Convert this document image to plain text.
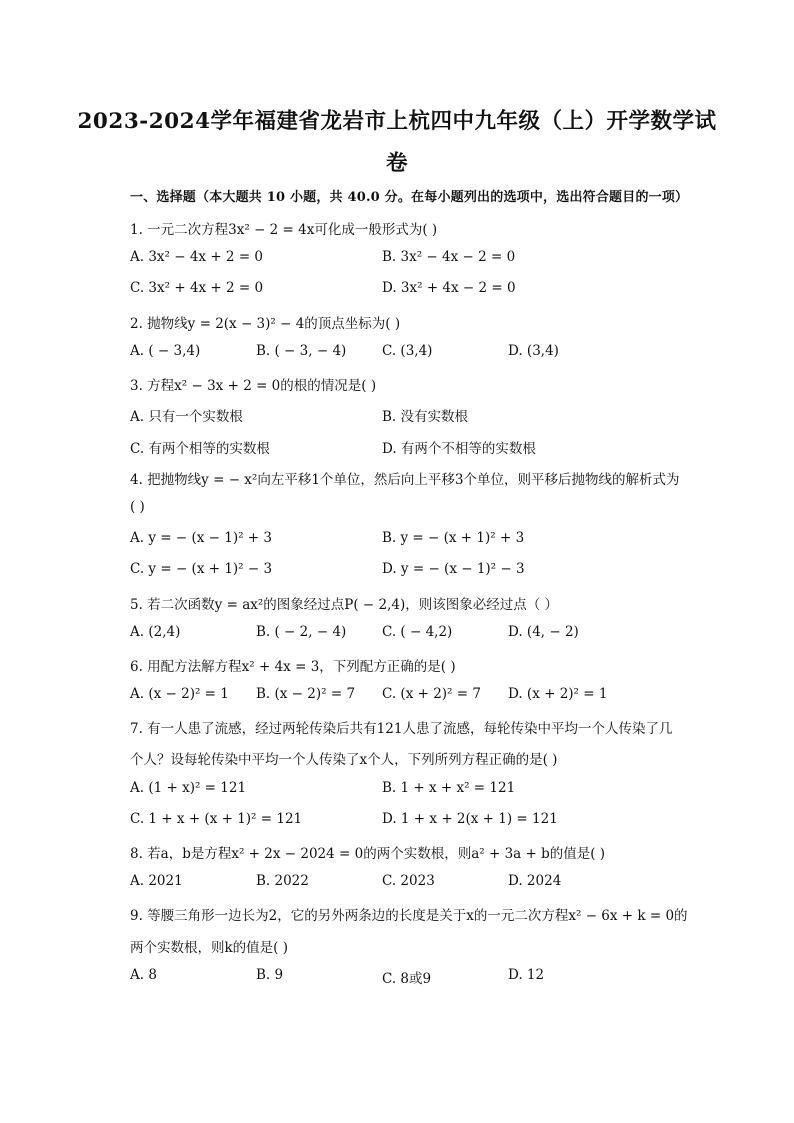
2023-2024学年福建省龙岩市上杭四中九年级（上）开学数学试
卷
一、选择题（本大题共 10 小题，共 40.0 分。在每小题列出的选项中，选出符合题目的一项）
1. 一元二次方程3x² − 2 = 4x可化成一般形式为( )
A. 3x² − 4x + 2 = 0	B. 3x² − 4x − 2 = 0
C. 3x² + 4x + 2 = 0	D. 3x² + 4x − 2 = 0
2. 抛物线y = 2(x − 3)² − 4的顶点坐标为( )
A. ( − 3,4)	B. ( − 3, − 4)	C. (3,4)	D. (3,4)
3. 方程x² − 3x + 2 = 0的根的情况是( )
A. 只有一个实数根	B. 没有实数根
C. 有两个相等的实数根	D. 有两个不相等的实数根
4. 把抛物线y = − x²向左平移1个单位，然后向上平移3个单位，则平移后抛物线的解析式为
( )
A. y = − (x − 1)² + 3	B. y = − (x + 1)² + 3
C. y = − (x + 1)² − 3	D. y = − (x − 1)² − 3
5. 若二次函数y = ax²的图象经过点P( − 2,4)，则该图象必经过点（ ）
A. (2,4)	B. ( − 2, − 4)	C. ( − 4,2)	D. (4, − 2)
6. 用配方法解方程x² + 4x = 3，下列配方正确的是( )
A. (x − 2)² = 1 B. (x − 2)² = 7 C. (x + 2)² = 7 D. (x + 2)² = 1
7. 有一人患了流感，经过两轮传染后共有121人患了流感，每轮传染中平均一个人传染了几
个人？设每轮传染中平均一个人传染了x个人，下列所列方程正确的是( )
A. (1 + x)² = 121	B. 1 + x + x² = 121
C. 1 + x + (x + 1)² = 121	D. 1 + x + 2(x + 1) = 121
8. 若a，b是方程x² + 2x − 2024 = 0的两个实数根，则a² + 3a + b的值是( )
A. 2021	B. 2022	C. 2023	D. 2024
9. 等腰三角形一边长为2，它的另外两条边的长度是关于x的一元二次方程x² − 6x + k = 0的
两个实数根，则k的值是( )
A. 8	B. 9	C. 8或9	D. 12
